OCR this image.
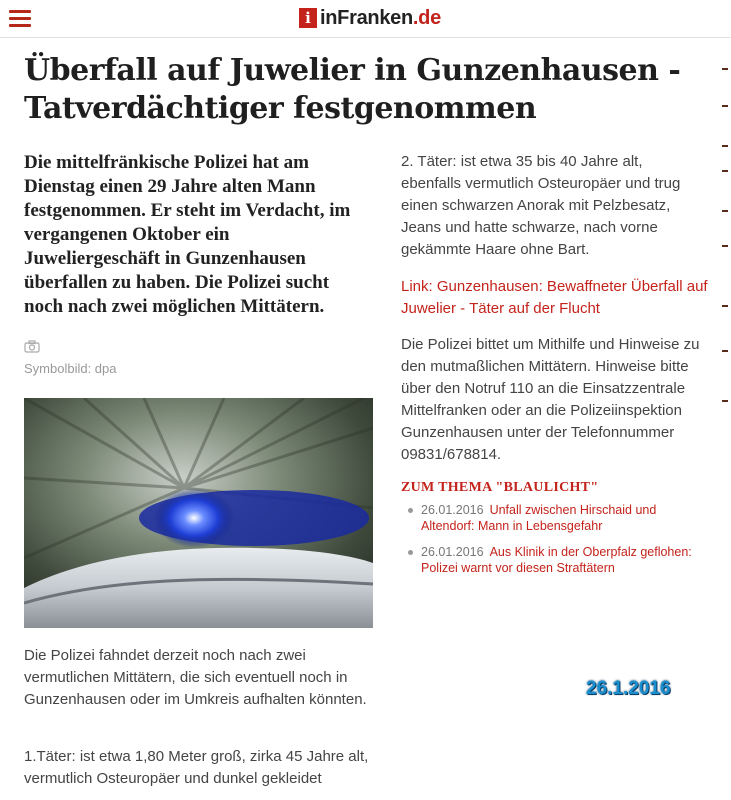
i inFranken.de
Überfall auf Juwelier in Gunzenhausen - Tatverdächtiger festgenommen

Die mittelfränkische Polizei hat am Dienstag einen 29 Jahre alten Mann festgenommen. Er steht im Verdacht, im vergangenen Oktober ein Juweliergeschäft in Gunzenhausen überfallen zu haben. Die Polizei sucht noch nach zwei möglichen Mittätern.

Symbolbild: dpa

Die Polizei fahndet derzeit noch nach zwei vermutlichen Mittätern, die sich eventuell noch in Gunzenhausen oder im Umkreis aufhalten könnten.

1.Täter: ist etwa 1,80 Meter groß, zirka 45 Jahre alt, vermutlich Osteuropäer und dunkel gekleidet

2. Täter: ist etwa 35 bis 40 Jahre alt, ebenfalls vermutlich Osteuropäer und trug einen schwarzen Anorak mit Pelzbesatz, Jeans und hatte schwarze, nach vorne gekämmte Haare ohne Bart.

Link: Gunzenhausen: Bewaffneter Überfall auf Juwelier - Täter auf der Flucht

Die Polizei bittet um Mithilfe und Hinweise zu den mutmaßlichen Mittätern. Hinweise bitte über den Notruf 110 an die Einsatzzentrale Mittelfranken oder an die Polizeiinspektion Gunzenhausen unter der Telefonnummer 09831/678814.

ZUM THEMA "BLAULICHT"
26.01.2016 Unfall zwischen Hirschaid und Altendorf: Mann in Lebensgefahr
26.01.2016 Aus Klinik in der Oberpfalz geflohen: Polizei warnt vor diesen Straftätern
26.1.2016
